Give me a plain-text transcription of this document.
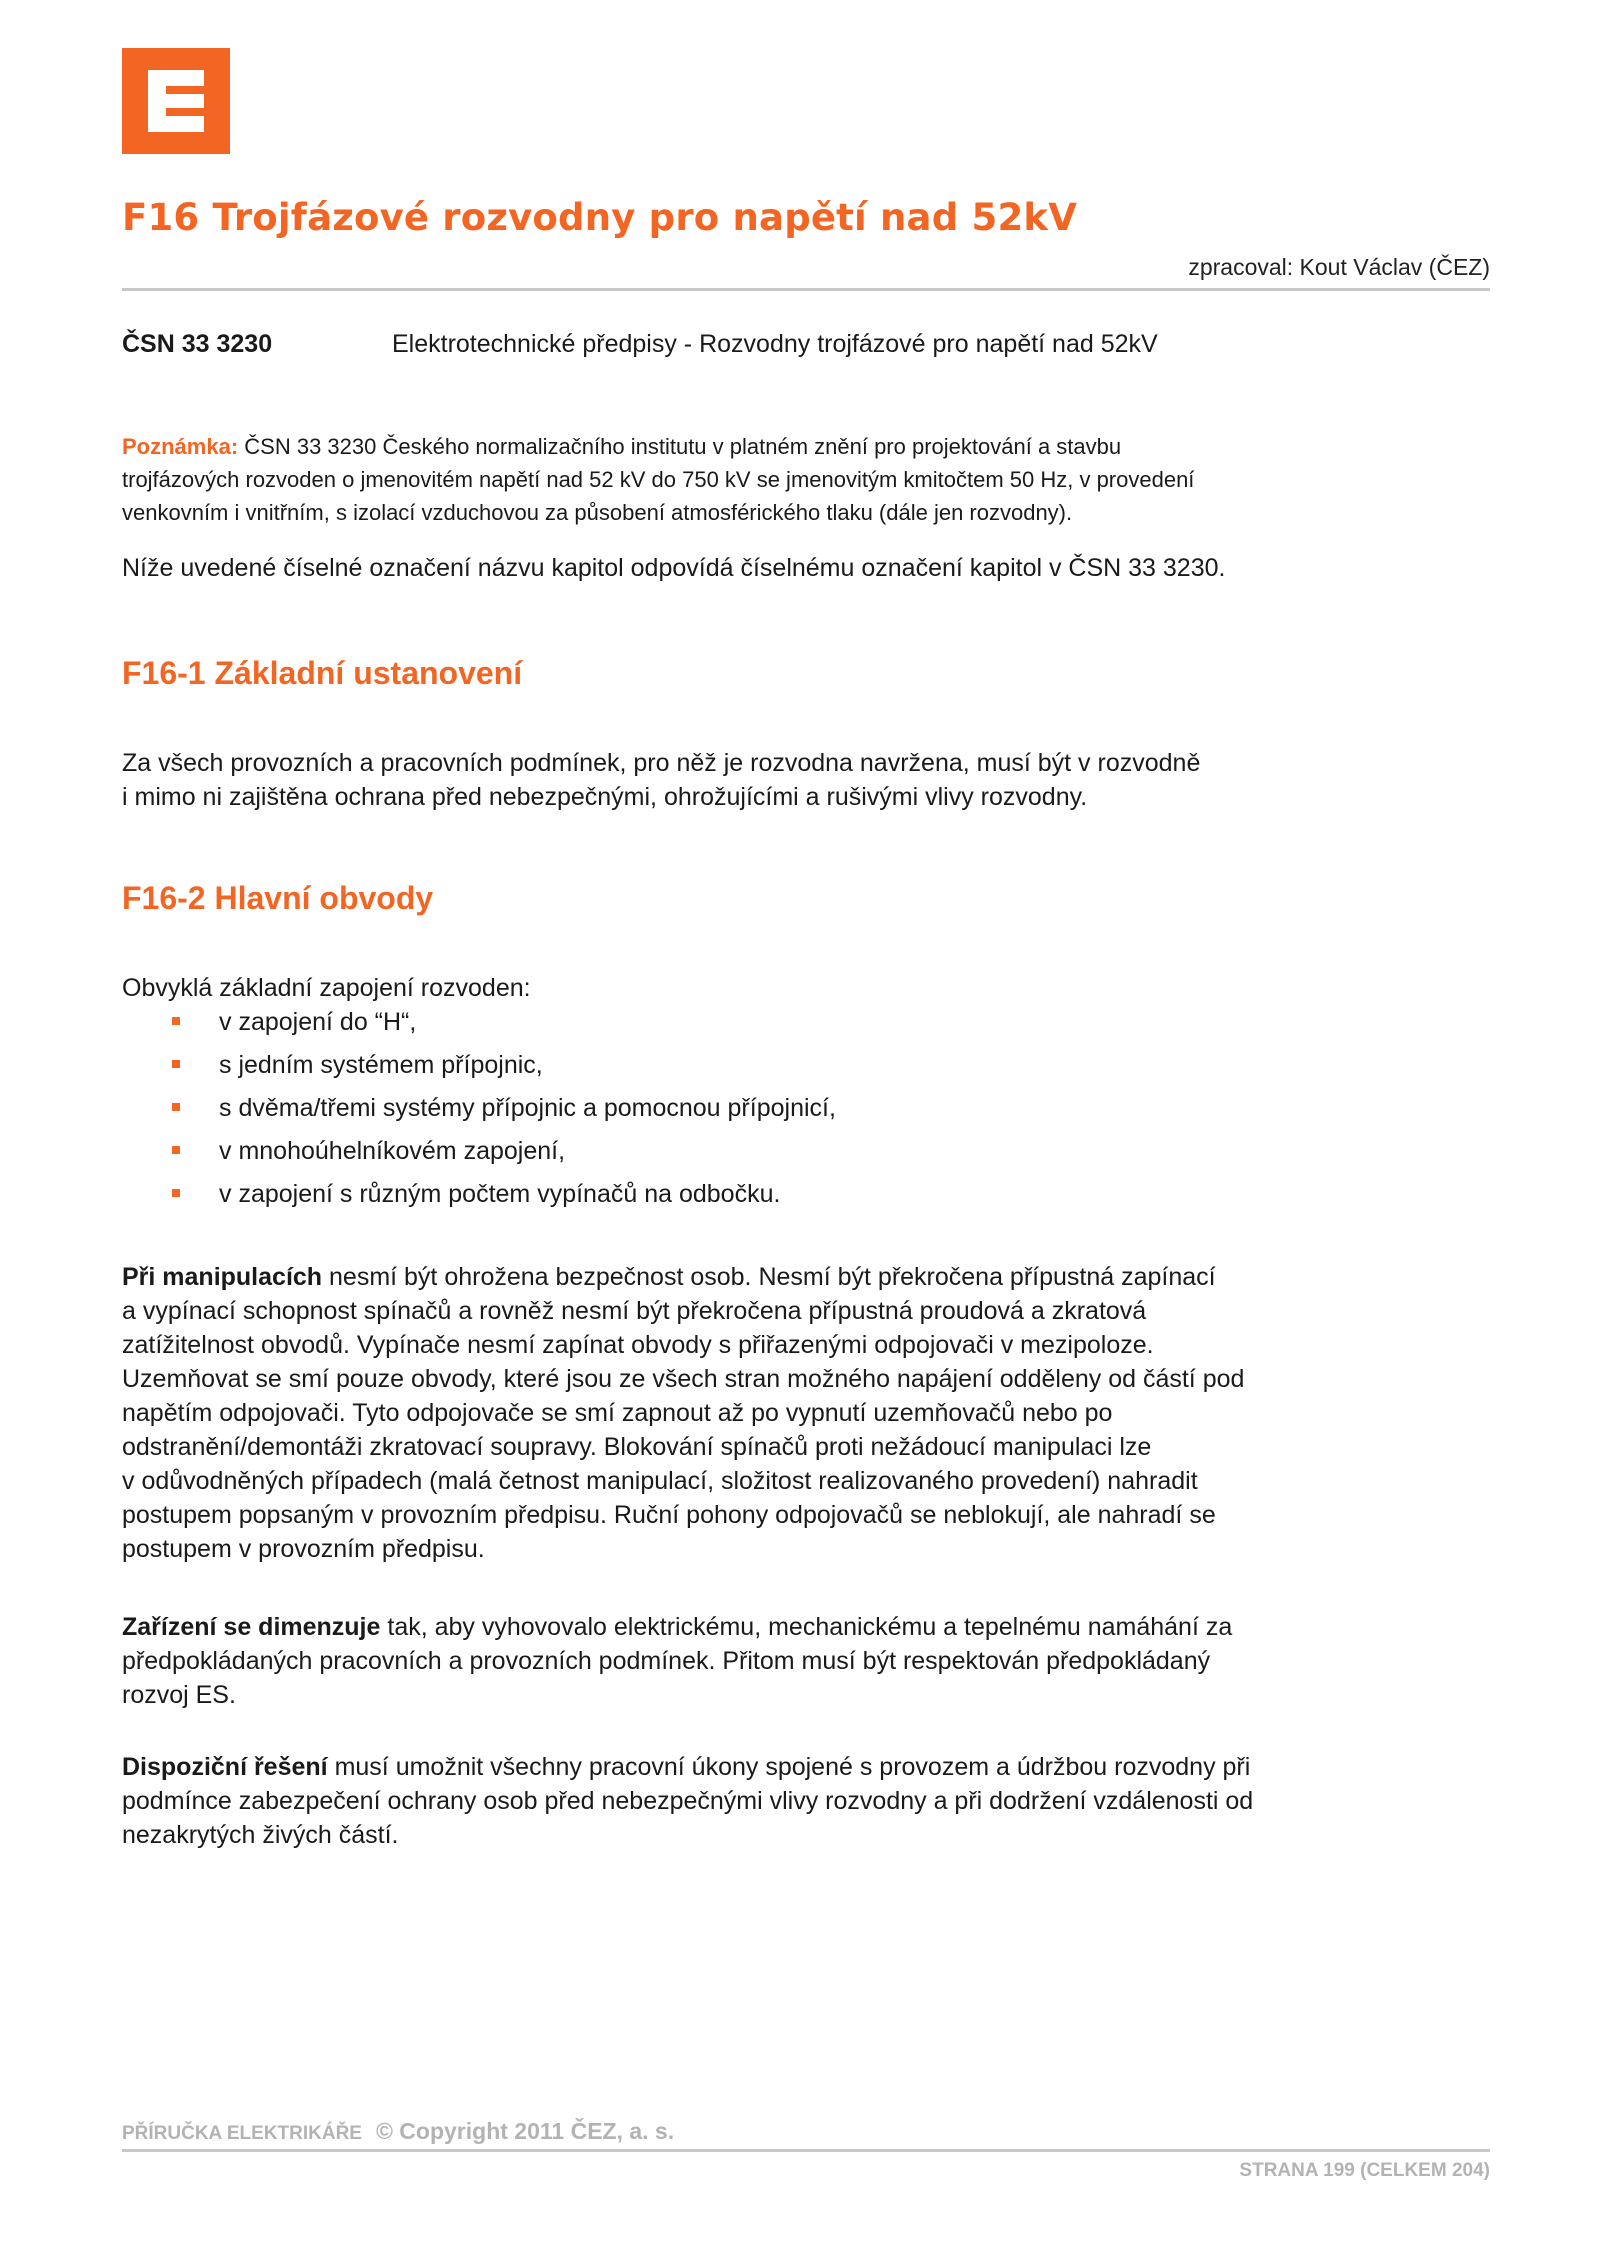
F16 Trojfázové rozvodny pro napětí nad 52kV
zpracoval: Kout Václav (ČEZ)
ČSN 33 3230	Elektrotechnické předpisy - Rozvodny trojfázové pro napětí nad 52kV

Poznámka: ČSN 33 3230 Českého normalizačního institutu v platném znění pro projektování a stavbu
trojfázových rozvoden o jmenovitém napětí nad 52 kV do 750 kV se jmenovitým kmitočtem 50 Hz, v provedení
venkovním i vnitřním, s izolací vzduchovou za působení atmosférického tlaku (dále jen rozvodny).

Níže uvedené číselné označení názvu kapitol odpovídá číselnému označení kapitol v ČSN 33 3230.

F16-1 Základní ustanovení

Za všech provozních a pracovních podmínek, pro něž je rozvodna navržena, musí být v rozvodně
i mimo ni zajištěna ochrana před nebezpečnými, ohrožujícími a rušivými vlivy rozvodny.

F16-2 Hlavní obvody

Obvyklá základní zapojení rozvoden:

v zapojení do “H“,
s jedním systémem přípojnic,
s dvěma/třemi systémy přípojnic a pomocnou přípojnicí,
v mnohoúhelníkovém zapojení,
v zapojení s různým počtem vypínačů na odbočku.

Při manipulacích nesmí být ohrožena bezpečnost osob. Nesmí být překročena přípustná zapínací
a vypínací schopnost spínačů a rovněž nesmí být překročena přípustná proudová a zkratová
zatížitelnost obvodů. Vypínače nesmí zapínat obvody s přiřazenými odpojovači v mezipoloze.
Uzemňovat se smí pouze obvody, které jsou ze všech stran možného napájení odděleny od částí pod
napětím odpojovači. Tyto odpojovače se smí zapnout až po vypnutí uzemňovačů nebo po
odstranění/demontáži zkratovací soupravy. Blokování spínačů proti nežádoucí manipulaci lze
v odůvodněných případech (malá četnost manipulací, složitost realizovaného provedení) nahradit
postupem popsaným v provozním předpisu. Ruční pohony odpojovačů se neblokují, ale nahradí se
postupem v provozním předpisu.

Zařízení se dimenzuje tak, aby vyhovovalo elektrickému, mechanickému a tepelnému namáhání za
předpokládaných pracovních a provozních podmínek. Přitom musí být respektován předpokládaný
rozvoj ES.

Dispoziční řešení musí umožnit všechny pracovní úkony spojené s provozem a údržbou rozvodny při
podmínce zabezpečení ochrany osob před nebezpečnými vlivy rozvodny a při dodržení vzdálenosti od
nezakrytých živých částí.

PŘÍRUČKA ELEKTRIKÁŘE © Copyright 2011 ČEZ, a. s.
STRANA 199 (CELKEM 204)
